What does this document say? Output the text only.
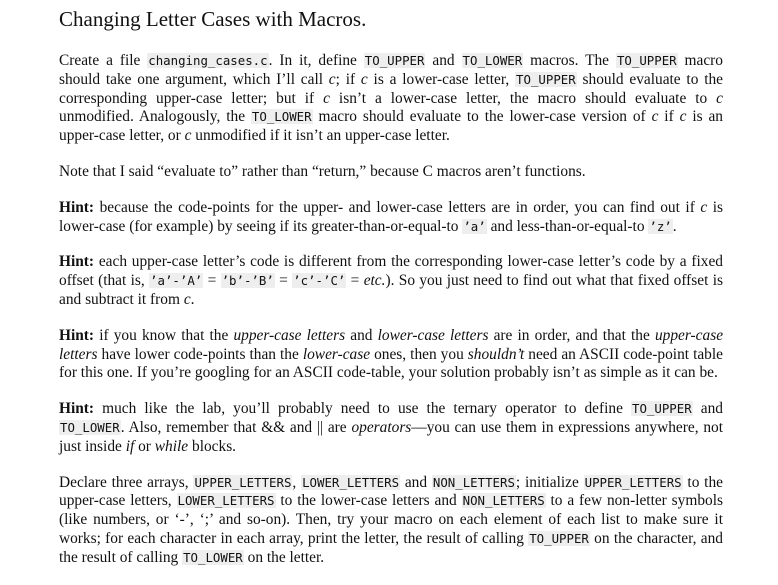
Changing Letter Cases with Macros.

Create a file changing_cases.c. In it, define TO_UPPER and TO_LOWER macros. The TO_UPPER macro should take one argument, which I’ll call c; if c is a lower-case letter, TO_UPPER should evaluate to the corresponding upper-case letter; but if c isn’t a lower-case letter, the macro should evaluate to c unmodified. Analogously, the TO_LOWER macro should evaluate to the lower-case version of c if c is an upper-case letter, or c unmodified if it isn’t an upper-case letter.

Note that I said “evaluate to” rather than “return,” because C macros aren’t functions.

Hint: because the code-points for the upper- and lower-case letters are in order, you can find out if c is lower-case (for example) by seeing if its greater-than-or-equal-to ’a’ and less-than-or-equal-to ’z’.

Hint: each upper-case letter’s code is different from the corresponding lower-case letter’s code by a fixed offset (that is, ’a’-’A’ = ’b’-’B’ = ’c’-’C’ = etc.). So you just need to find out what that fixed offset is and subtract it from c.

Hint: if you know that the upper-case letters and lower-case letters are in order, and that the upper-case letters have lower code-points than the lower-case ones, then you shouldn’t need an ASCII code-point table for this one. If you’re googling for an ASCII code-table, your solution probably isn’t as simple as it can be.

Hint: much like the lab, you’ll probably need to use the ternary operator to define TO_UPPER and TO_LOWER. Also, remember that && and || are operators—you can use them in expressions anywhere, not just inside if or while blocks.

Declare three arrays, UPPER_LETTERS, LOWER_LETTERS and NON_LETTERS; initialize UPPER_LETTERS to the upper-case letters, LOWER_LETTERS to the lower-case letters and NON_LETTERS to a few non-letter symbols (like numbers, or ‘-’, ‘;’ and so-on). Then, try your macro on each element of each list to make sure it works; for each character in each array, print the letter, the result of calling TO_UPPER on the character, and the result of calling TO_LOWER on the letter.
